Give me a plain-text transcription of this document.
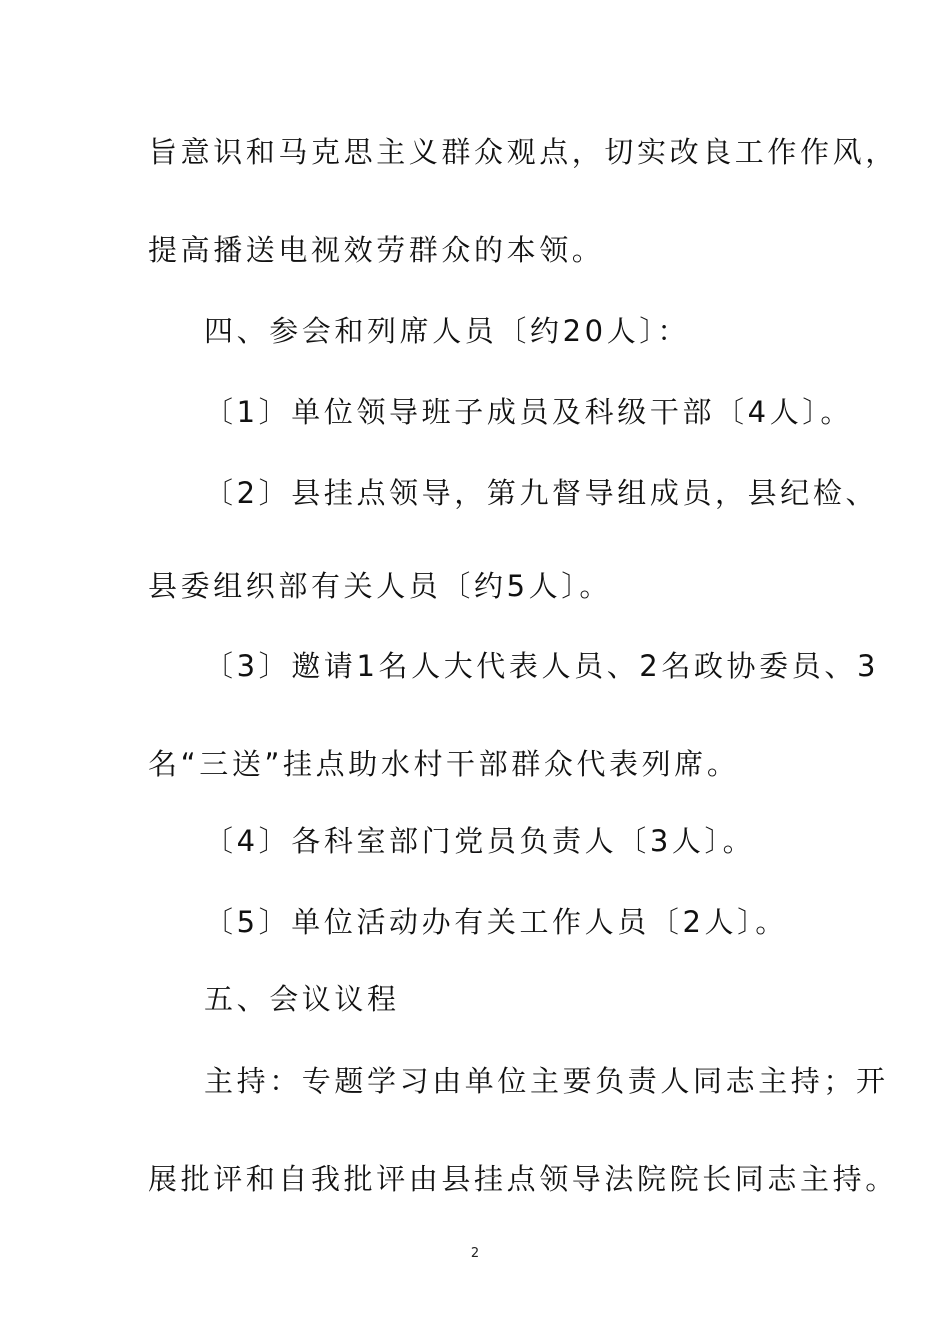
旨意识和马克思主义群众观点，切实改良工作作风，
提高播送电视效劳群众的本领。
四、参会和列席人员〔约20人〕：
〔1〕单位领导班子成员及科级干部〔4人〕。
〔2〕县挂点领导，第九督导组成员，县纪检、
县委组织部有关人员〔约5人〕。
〔3〕邀请1名人大代表人员、2名政协委员、3
名“三送”挂点助水村干部群众代表列席。
〔4〕各科室部门党员负责人〔3人〕。
〔5〕单位活动办有关工作人员〔2人〕。
五、会议议程
主持：专题学习由单位主要负责人同志主持；开
展批评和自我批评由县挂点领导法院院长同志主持。
2
